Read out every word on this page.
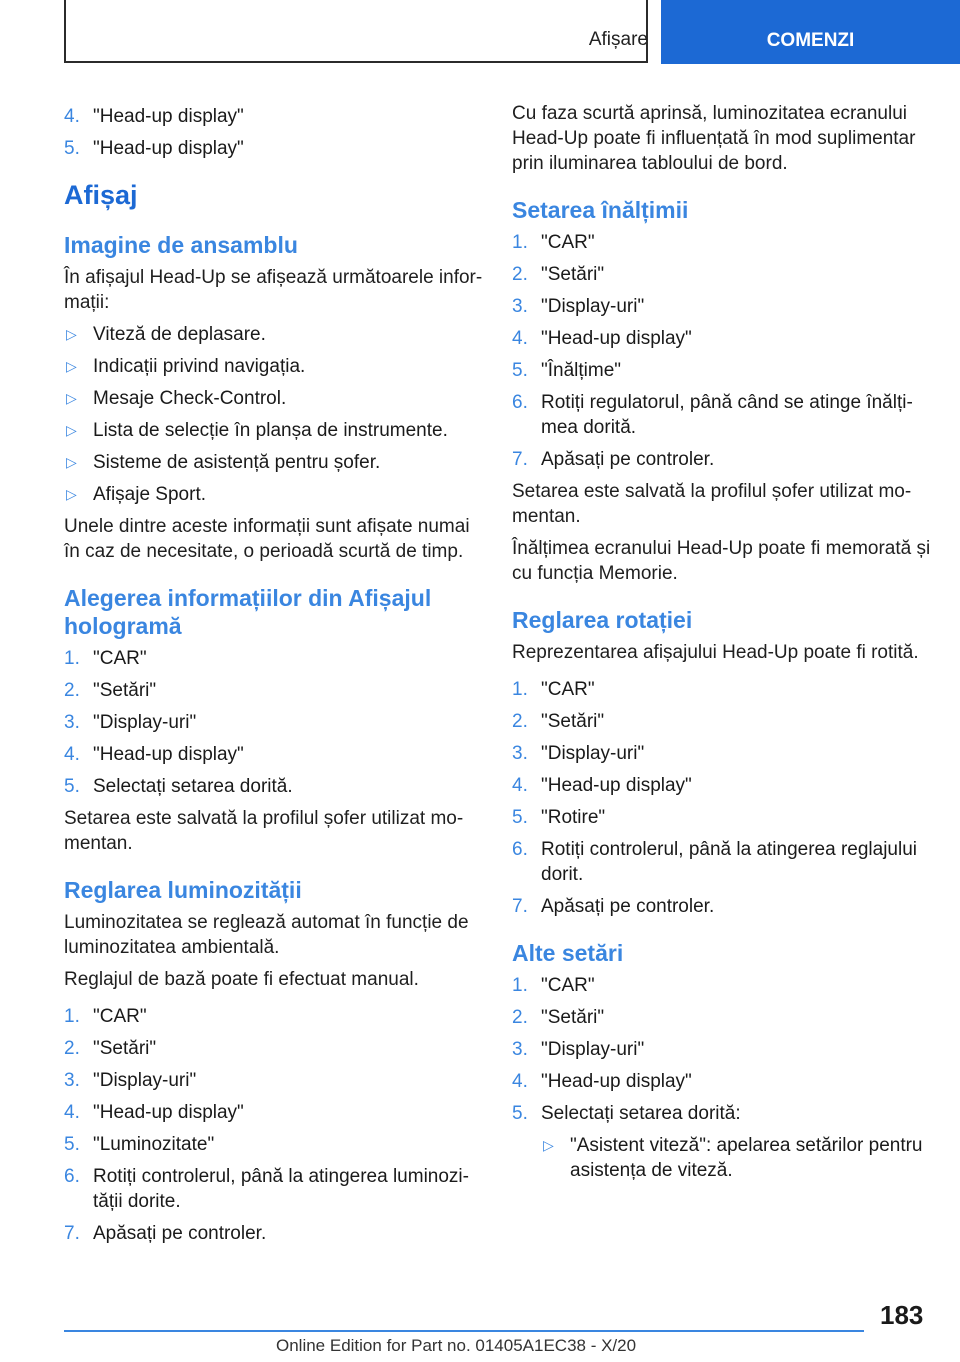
Afișare	COMENZI
4. "Head-up display"
5. "Head-up display"
Afișaj
Imagine de ansamblu

În afișajul Head-Up se afișează următoarele infor-mații:

▷ Viteză de deplasare.
▷ Indicații privind navigația.
▷ Mesaje Check-Control.
▷ Lista de selecție în planșa de instrumente.
▷ Sisteme de asistență pentru șofer.
▷ Afișaje Sport.

Unele dintre aceste informații sunt afișate numai în caz de necesitate, o perioadă scurtă de timp.

Alegerea informațiilor din Afișajul hologramă
1. "CAR"
2. "Setări"
3. "Display-uri"
4. "Head-up display"
5. Selectați setarea dorită.

Setarea este salvată la profilul șofer utilizat mo-mentan.

Reglarea luminozității

Luminozitatea se reglează automat în funcție de luminozitatea ambientală.

Reglajul de bază poate fi efectuat manual.

1. "CAR"
2. "Setări"
3. "Display-uri"
4. "Head-up display"
5. "Luminozitate"
6. Rotiți controlerul, până la atingerea luminozi-tății dorite.
7. Apăsați pe controler.

Cu faza scurtă aprinsă, luminozitatea ecranului Head-Up poate fi influențată în mod suplimentar prin iluminarea tabloului de bord.

Setarea înălțimii
1. "CAR"
2. "Setări"
3. "Display-uri"
4. "Head-up display"
5. "Înălțime"
6. Rotiți regulatorul, până când se atinge înălți-mea dorită.
7. Apăsați pe controler.

Setarea este salvată la profilul șofer utilizat mo-mentan.

Înălțimea ecranului Head-Up poate fi memorată și cu funcția Memorie.

Reglarea rotației

Reprezentarea afișajului Head-Up poate fi rotită.

1. "CAR"
2. "Setări"
3. "Display-uri"
4. "Head-up display"
5. "Rotire"
6. Rotiți controlerul, până la atingerea reglajului dorit.
7. Apăsați pe controler.
Alte setări
1. "CAR"
2. "Setări"
3. "Display-uri"
4. "Head-up display"
5. Selectați setarea dorită:
▷ "Asistent viteză": apelarea setărilor pentru asistența de viteză.
183
Online Edition for Part no. 01405A1EC38 - X/20
